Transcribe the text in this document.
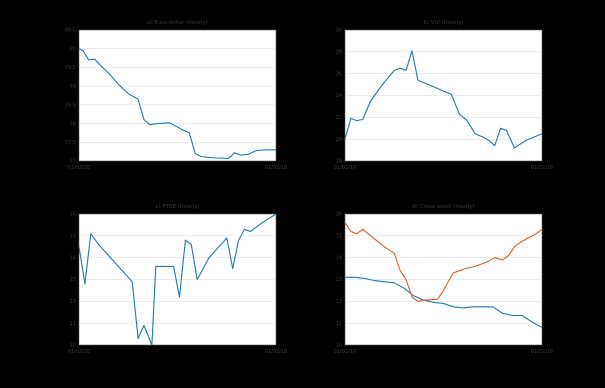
77
77.5
78
78.5
79
79.5
80
80.5
01/02/18	01/02/18
a) Euro-dollar (hourly)
18
20
22
24
26
28
30
01/02/18	01/02/18
b) VIX (hourly)
10
11
12
13
14
15
16
01/02/18	01/02/18
c) FTSE (hourly)
10
11
12
13
14
15
16
01/02/18	01/02/18
d) Cross-asset (hourly)
